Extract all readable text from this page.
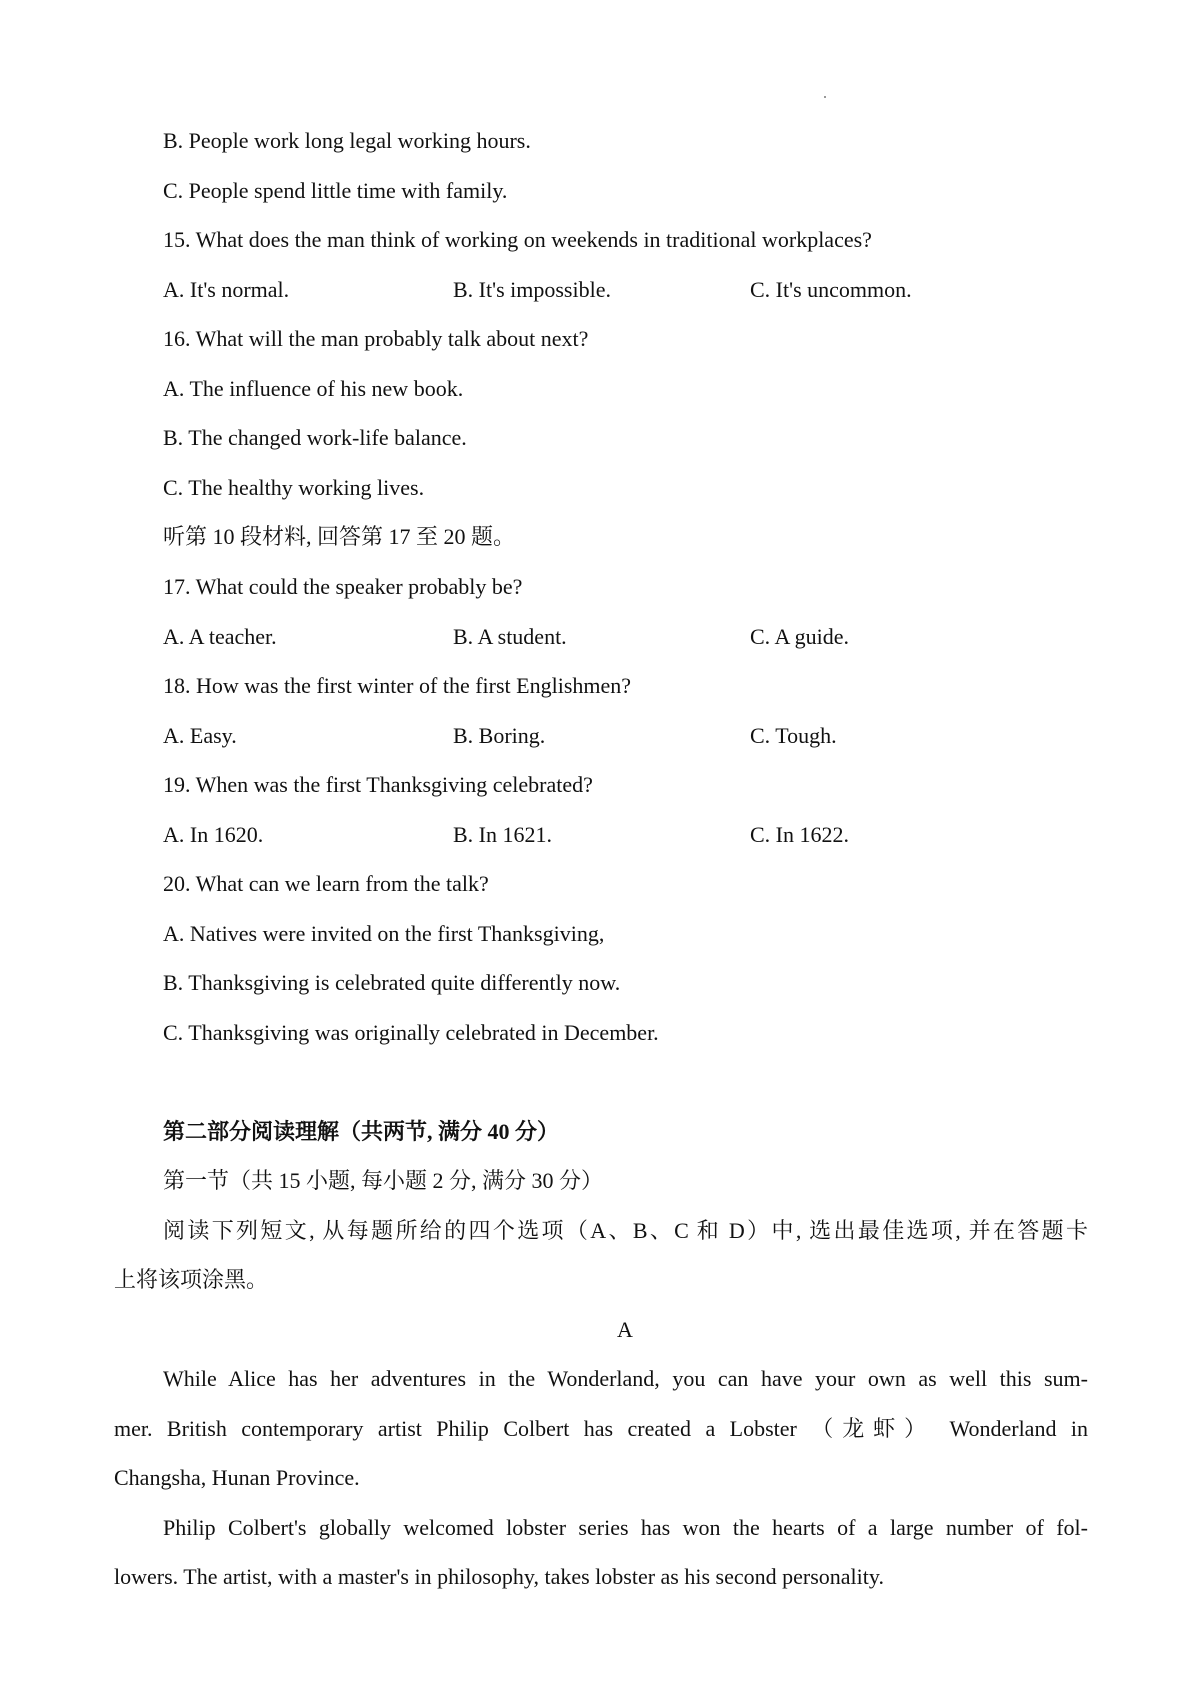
B. People work long legal working hours.
C. People spend little time with family.
15. What does the man think of working on weekends in traditional workplaces?
A. It's normal.	B. It's impossible.	C. It's uncommon.
16. What will the man probably talk about next?
A. The influence of his new book.
B. The changed work-life balance.
C. The healthy working lives.
听第 10 段材料, 回答第 17 至 20 题。
17. What could the speaker probably be?
A. A teacher.	B. A student.	C. A guide.
18. How was the first winter of the first Englishmen?
A. Easy.	B. Boring.	C. Tough.
19. When was the first Thanksgiving celebrated?
A. In 1620.	B. In 1621.	C. In 1622.
20. What can we learn from the talk?
A. Natives were invited on the first Thanksgiving,
B. Thanksgiving is celebrated quite differently now.
C. Thanksgiving was originally celebrated in December.
第二部分阅读理解（共两节, 满分 40 分）
第一节（共 15 小题, 每小题 2 分, 满分 30 分）
阅读下列短文, 从每题所给的四个选项（A、B、C 和 D）中, 选出最佳选项, 并在答题卡
上将该项涂黑。
A
While Alice has her adventures in the Wonderland, you can have your own as well this sum-
mer. British contemporary artist Philip Colbert has created a Lobster （龙虾） Wonderland in
Changsha, Hunan Province.
Philip Colbert's globally welcomed lobster series has won the hearts of a large number of fol-
lowers. The artist, with a master's in philosophy, takes lobster as his second personality.
